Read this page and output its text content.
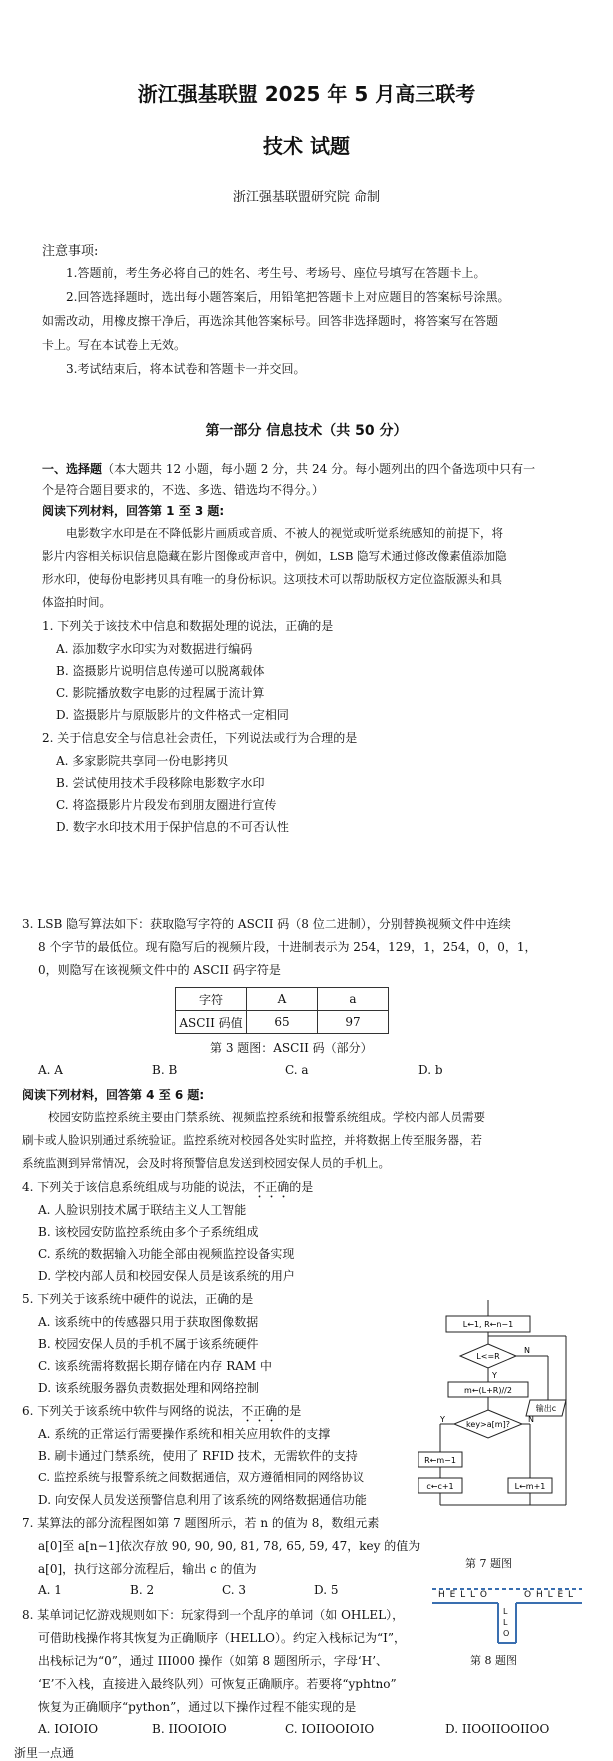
浙江强基联盟 2025 年 5 月高三联考
技术 试题
浙江强基联盟研究院 命制
注意事项:
1.答题前，考生务必将自己的姓名、考生号、考场号、座位号填写在答题卡上。
2.回答选择题时，选出每小题答案后，用铅笔把答题卡上对应题目的答案标号涂黑。
如需改动，用橡皮擦干净后，再选涂其他答案标号。回答非选择题时，将答案写在答题
卡上。写在本试卷上无效。
3.考试结束后，将本试卷和答题卡一并交回。
第一部分 信息技术（共 50 分）
一、选择题（本大题共 12 小题，每小题 2 分，共 24 分。每小题列出的四个备选项中只有一
个是符合题目要求的，不选、多选、错选均不得分。）
阅读下列材料，回答第 1 至 3 题:
电影数字水印是在不降低影片画质或音质、不被人的视觉或听觉系统感知的前提下，将
影片内容相关标识信息隐藏在影片图像或声音中，例如，LSB 隐写术通过修改像素值添加隐
形水印，使每份电影拷贝具有唯一的身份标识。这项技术可以帮助版权方定位盗版源头和具
体盗拍时间。
1. 下列关于该技术中信息和数据处理的说法，正确的是
A. 添加数字水印实为对数据进行编码
B. 盗摄影片说明信息传递可以脱离载体
C. 影院播放数字电影的过程属于流计算
D. 盗摄影片与原版影片的文件格式一定相同
2. 关于信息安全与信息社会责任，下列说法或行为合理的是
A. 多家影院共享同一份电影拷贝
B. 尝试使用技术手段移除电影数字水印
C. 将盗摄影片片段发布到朋友圈进行宣传
D. 数字水印技术用于保护信息的不可否认性
3. LSB 隐写算法如下：获取隐写字符的 ASCII 码（8 位二进制），分别替换视频文件中连续
8 个字节的最低位。现有隐写后的视频片段，十进制表示为 254，129，1，254，0，0，1，
0，则隐写在该视频文件中的 ASCII 码字符是
字符	A	a
ASCII 码值	65	97
第 3 题图：ASCII 码（部分）
A. A	B. B	C. a	D. b
阅读下列材料，回答第 4 至 6 题:
校园安防监控系统主要由门禁系统、视频监控系统和报警系统组成。学校内部人员需要
刷卡或人脸识别通过系统验证。监控系统对校园各处实时监控，并将数据上传至服务器，若
系统监测到异常情况，会及时将预警信息发送到校园安保人员的手机上。
4. 下列关于该信息系统组成与功能的说法，不正确的是
A. 人脸识别技术属于联结主义人工智能
B. 该校园安防监控系统由多个子系统组成
C. 系统的数据输入功能全部由视频监控设备实现
D. 学校内部人员和校园安保人员是该系统的用户
5. 下列关于该系统中硬件的说法，正确的是
A. 该系统中的传感器只用于获取图像数据
B. 校园安保人员的手机不属于该系统硬件
C. 该系统需将数据长期存储在内存 RAM 中
D. 该系统服务器负责数据处理和网络控制
6. 下列关于该系统中软件与网络的说法，不正确的是
A. 系统的正常运行需要操作系统和相关应用软件的支撑
B. 刷卡通过门禁系统，使用了 RFID 技术，无需软件的支持
C. 监控系统与报警系统之间数据通信，双方遵循相同的网络协议
D. 向安保人员发送预警信息利用了该系统的网络数据通信功能
7. 某算法的部分流程图如第 7 题图所示，若 n 的值为 8，数组元素
a[0]至 a[n−1]依次存放 90, 90, 90, 81, 78, 65, 59, 47，key 的值为
a[0]，执行这部分流程后，输出 c 的值为
A. 1	B. 2	C. 3	D. 5
L←1, R←n−1
L<=R
Y
N
输出c
m←(L+R)//2
key>a[m]?
Y	N
R←m−1
c←c+1	L←m+1
第 7 题图
H E L L O	O H L E L
L
L
O
第 8 题图
8. 某单词记忆游戏规则如下：玩家得到一个乱序的单词（如 OHLEL），
可借助栈操作将其恢复为正确顺序（HELLO）。约定入栈标记为“I”，
出栈标记为“0”，通过 III000 操作（如第 8 题图所示，字母‘H’、
‘E’不入栈，直接进入最终队列）可恢复正确顺序。若要将“yphtno”
恢复为正确顺序“python”，通过以下操作过程不能实现的是
A. IOIOIO	B. IIOOIOIO	C. IOIIOOIOIO	D. IIOOIIOOIIOO
浙里一点通
